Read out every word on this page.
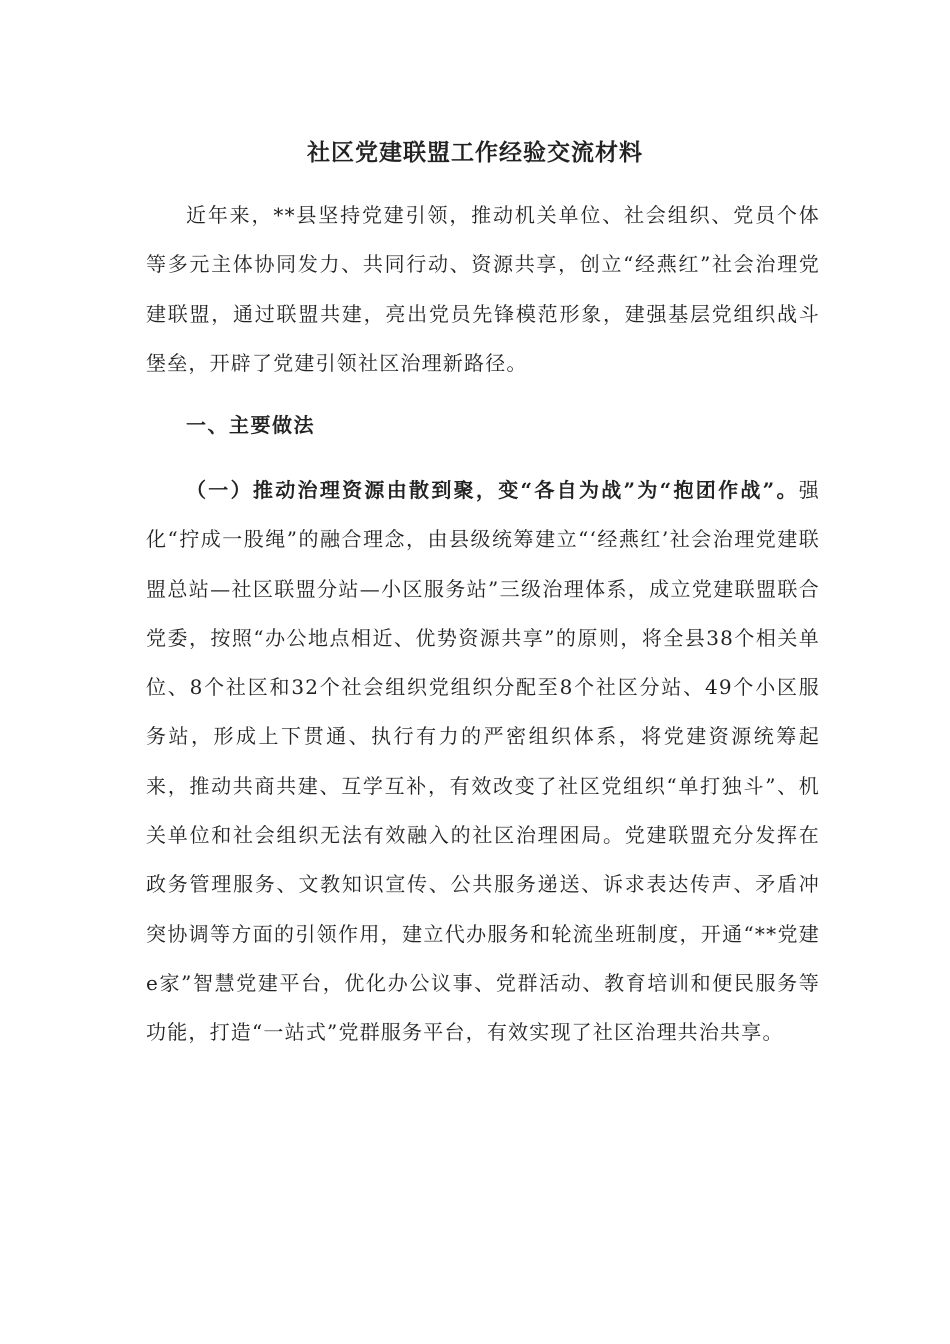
社区党建联盟工作经验交流材料

近年来，**县坚持党建引领，推动机关单位、社会组织、党员个体等多元主体协同发力、共同行动、资源共享，创立“经燕红”社会治理党建联盟，通过联盟共建，亮出党员先锋模范形象，建强基层党组织战斗堡垒，开辟了党建引领社区治理新路径。

一、主要做法

（一）推动治理资源由散到聚，变“各自为战”为“抱团作战”。强化“拧成一股绳”的融合理念，由县级统筹建立“‘经燕红’社会治理党建联盟总站—社区联盟分站—小区服务站”三级治理体系，成立党建联盟联合党委，按照“办公地点相近、优势资源共享”的原则，将全县38个相关单位、8个社区和32个社会组织党组织分配至8个社区分站、49个小区服务站，形成上下贯通、执行有力的严密组织体系，将党建资源统筹起来，推动共商共建、互学互补，有效改变了社区党组织“单打独斗”、机关单位和社会组织无法有效融入的社区治理困局。党建联盟充分发挥在政务管理服务、文教知识宣传、公共服务递送、诉求表达传声、矛盾冲突协调等方面的引领作用，建立代办服务和轮流坐班制度，开通“**党建e家”智慧党建平台，优化办公议事、党群活动、教育培训和便民服务等功能，打造“一站式”党群服务平台，有效实现了社区治理共治共享。
